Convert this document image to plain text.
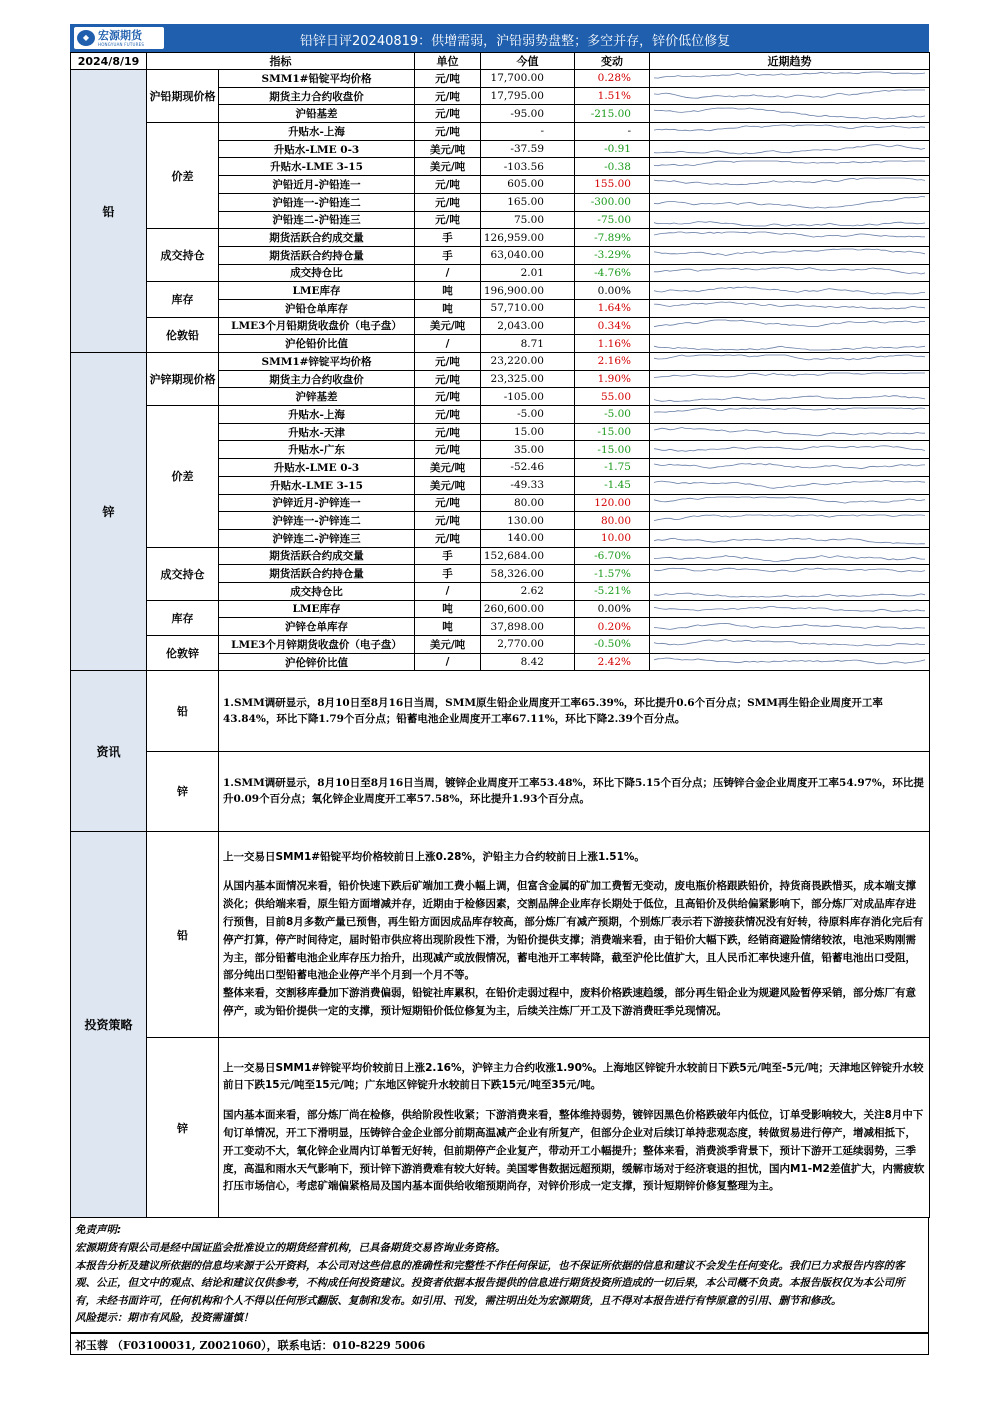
◆ 宏源期货
HONGYUAN FUTURES	铅锌日评20240819：供增需弱，沪铅弱势盘整；多空并存，锌价低位修复
2024/8/19	指标		单位	今值	变动	近期趋势
铅	沪铅期现价格	SMM1#铅锭平均价格	元/吨	17,700.00	0.28%	

		期货主力合约收盘价	元/吨	17,795.00	1.51%	

		沪铅基差	元/吨	-95.00	-215.00	

	价差	升贴水-上海	元/吨	-	-	

		升贴水-LME 0-3	美元/吨	-37.59	-0.91	

		升贴水-LME 3-15	美元/吨	-103.56	-0.38	

		沪铅近月-沪铅连一	元/吨	605.00	155.00	

		沪铅连一-沪铅连二	元/吨	165.00	-300.00	

		沪铅连二-沪铅连三	元/吨	75.00	-75.00	

	成交持仓	期货活跃合约成交量	手	126,959.00	-7.89%	

		期货活跃合约持仓量	手	63,040.00	-3.29%	

		成交持仓比	/	2.01	-4.76%	

	库存	LME库存	吨	196,900.00	0.00%	

		沪铅仓单库存	吨	57,710.00	1.64%	

	伦敦铅	LME3个月铅期货收盘价（电子盘）	美元/吨	2,043.00	0.34%	

		沪伦铅价比值	/	8.71	1.16%	

锌	沪锌期现价格	SMM1#锌锭平均价格	元/吨	23,220.00	2.16%	

		期货主力合约收盘价	元/吨	23,325.00	1.90%	

		沪锌基差	元/吨	-105.00	55.00	

	价差	升贴水-上海	元/吨	-5.00	-5.00	

		升贴水-天津	元/吨	15.00	-15.00	

		升贴水-广东	元/吨	35.00	-15.00	

		升贴水-LME 0-3	美元/吨	-52.46	-1.75	

		升贴水-LME 3-15	美元/吨	-49.33	-1.45	

		沪锌近月-沪锌连一	元/吨	80.00	120.00	

		沪锌连一-沪锌连二	元/吨	130.00	80.00	

		沪锌连二-沪锌连三	元/吨	140.00	10.00	

	成交持仓	期货活跃合约成交量	手	152,684.00	-6.70%	

		期货活跃合约持仓量	手	58,326.00	-1.57%	

		成交持仓比	/	2.62	-5.21%	

	库存	LME库存	吨	260,600.00	0.00%	

		沪锌仓单库存	吨	37,898.00	0.20%	

	伦敦锌	LME3个月锌期货收盘价（电子盘）	美元/吨	2,770.00	-0.50%	

		沪伦锌价比值	/	8.42	2.42%	
资讯	铅	1.SMM调研显示，8月10日至8月16日当周，SMM原生铅企业周度开工率65.39%，环比提升0.6个百分点；SMM再生铅企业周度开工率43.84%，环比下降1.79个百分点；铅蓄电池企业周度开工率67.11%，环比下降2.39个百分点。
	锌	1.SMM调研显示，8月10日至8月16日当周，镀锌企业周度开工率53.48%，环比下降5.15个百分点；压铸锌合金企业周度开工率54.97%，环比提升0.09个百分点；氧化锌企业周度开工率57.58%，环比提升1.93个百分点。
投资策略	铅	上一交易日SMM1#铅锭平均价格较前日上涨0.28%，沪铅主力合约较前日上涨1.51%。

从国内基本面情况来看，铅价快速下跌后矿端加工费小幅上调，但富含金属的矿加工费暂无变动，废电瓶价格跟跌铅价，持货商畏跌惜买，成本端支撑淡化；供给端来看，原生铅方面增减并存，近期由于检修因素，交割品牌企业库存长期处于低位，且高铅价及供给偏紧影响下，部分炼厂对成品库存进行预售，目前8月多数产量已预售，再生铅方面因成品库存较高，部分炼厂有减产预期，个别炼厂表示若下游接获情况没有好转，待原料库存消化完后有停产打算，停产时间待定，届时铅市供应将出现阶段性下滑，为铅价提供支撑；消费端来看，由于铅价大幅下跌，经销商避险情绪较浓，电池采购刚需为主，部分铅蓄电池企业库存压力抬升，出现减产或放假情况，蓄电池开工率转降，截至沪伦比值扩大，且人民币汇率快速升值，铅蓄电池出口受阻，部分纯出口型铅蓄电池企业停产半个月到一个月不等。

整体来看，交割移库叠加下游消费偏弱，铅锭社库累积，在铅价走弱过程中，废料价格跌速趋缓，部分再生铅企业为规避风险暂停采销，部分炼厂有意停产，或为铅价提供一定的支撑，预计短期铅价低位修复为主，后续关注炼厂开工及下游消费旺季兑现情况。

	锌	上一交易日SMM1#锌锭平均价较前日上涨2.16%，沪锌主力合约收涨1.90%。上海地区锌锭升水较前日下跌5元/吨至-5元/吨；天津地区锌锭升水较前日下跌15元/吨至15元/吨；广东地区锌锭升水较前日下跌15元/吨至35元/吨。

国内基本面来看，部分炼厂尚在检修，供给阶段性收紧；下游消费来看，整体维持弱势，镀锌因黑色价格跌破年内低位，订单受影响较大，关注8月中下旬订单情况，开工下滑明显，压铸锌合金企业部分前期高温减产企业有所复产，但部分企业对后续订单持悲观态度，转做贸易进行停产，增减相抵下，开工变动不大，氧化锌企业周内订单暂无好转，但前期停产企业复产，带动开工小幅提升；整体来看，消费淡季背景下，预计下游开工延续弱势，三季度，高温和雨水天气影响下，预计锌下游消费难有较大好转。美国零售数据远超预期，缓解市场对于经济衰退的担忧，国内M1-M2差值扩大，内需疲软打压市场信心，考虑矿端偏紧格局及国内基本面供给收缩预期尚存，对锌价形成一定支撑，预计短期锌价修复整理为主。

免责声明:
宏源期货有限公司是经中国证监会批准设立的期货经营机构，已具备期货交易咨询业务资格。
本报告分析及建议所依据的信息均来源于公开资料，本公司对这些信息的准确性和完整性不作任何保证，也不保证所依据的信息和建议不会发生任何变化。我们已力求报告内容的客观、公正，但文中的观点、结论和建议仅供参考，不构成任何投资建议。投资者依据本报告提供的信息进行期货投资所造成的一切后果，本公司概不负责。本报告版权仅为本公司所有，未经书面许可，任何机构和个人不得以任何形式翻版、复制和发布。如引用、刊发，需注明出处为宏源期货，且不得对本报告进行有悖原意的引用、删节和修改。
风险提示：期市有风险，投资需谨慎！
祁玉蓉 （F03100031, Z0021060），联系电话：010-8229 5006
